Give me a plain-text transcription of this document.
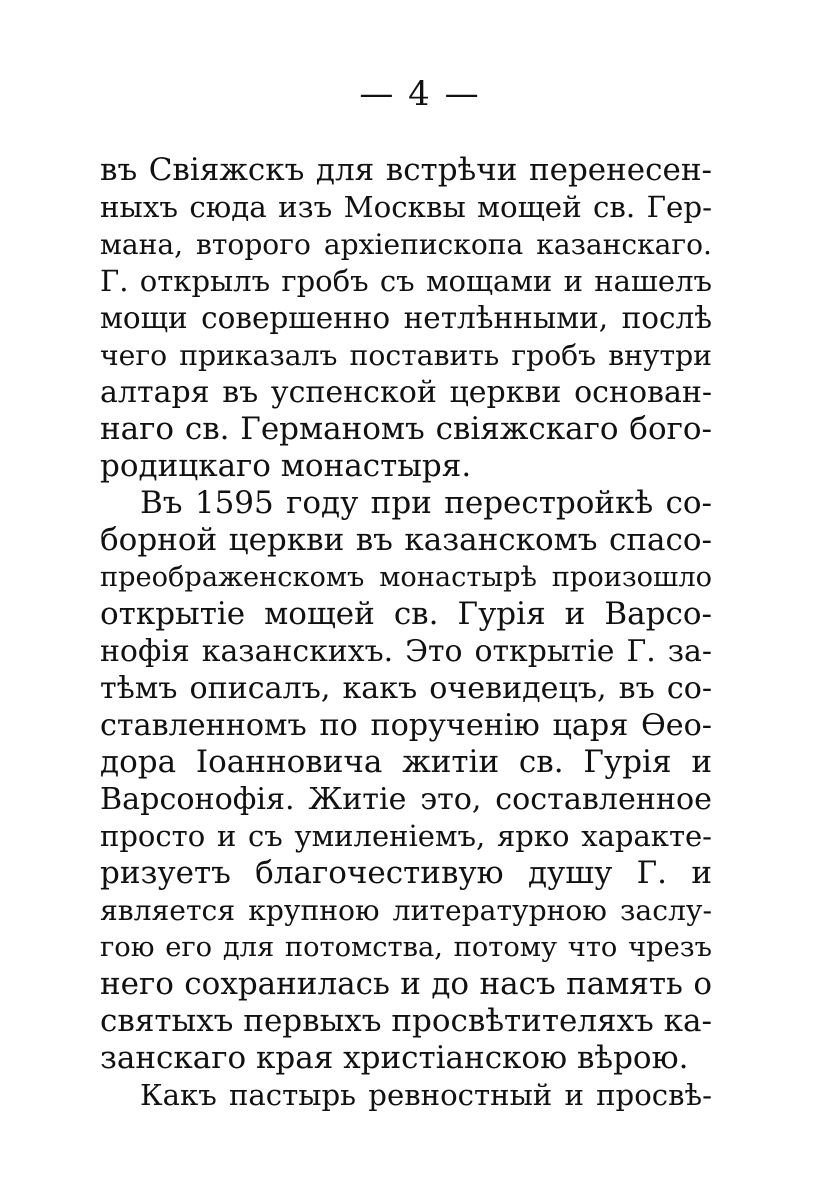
— 4 —
въ Свіяжскъ для встрѣчи перенесен-
ныхъ сюда изъ Москвы мощей св. Гер-
мана, второго архіепископа казанскаго.
Г. открылъ гробъ съ мощами и нашелъ
мощи совершенно нетлѣнными, послѣ
чего приказалъ поставить гробъ внутри
алтаря въ успенской церкви основан-
наго св. Германомъ свіяжскаго бого-
родицкаго монастыря.
Въ 1595 году при перестройкѣ со-
борной церкви въ казанскомъ спасо-
преображенскомъ монастырѣ произошло
открытіе мощей св. Гурія и Варсо-
нофія казанскихъ. Это открытіе Г. за-
тѣмъ описалъ, какъ очевидецъ, въ со-
ставленномъ по порученію царя Ѳео-
дора Іоанновича житіи св. Гурія и
Варсонофія. Житіе это, составленное
просто и съ умиленіемъ, ярко характе-
ризуетъ благочестивую душу Г. и
является крупною литературною заслу-
гою его для потомства, потому что чрезъ
него сохранилась и до насъ память о
святыхъ первыхъ просвѣтителяхъ ка-
занскаго края христіанскою вѣрою.
Какъ пастырь ревностный и просвѣ-
